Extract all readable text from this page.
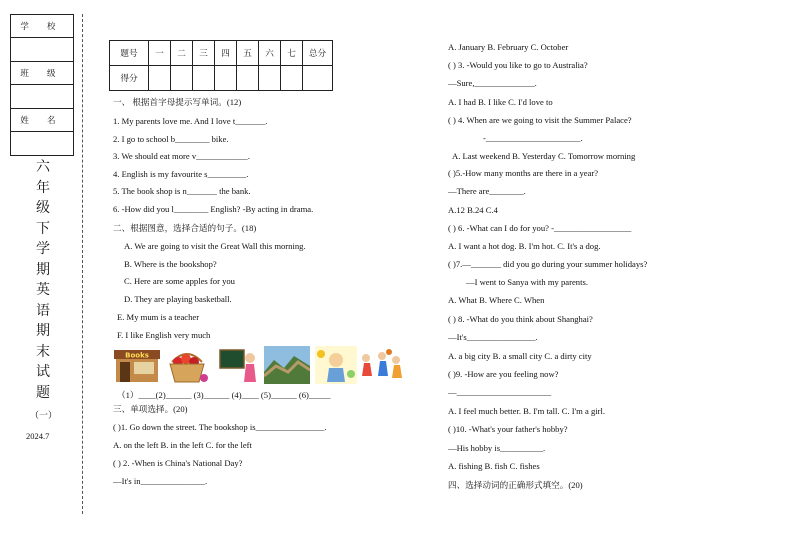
学 校
班 级
姓 名
六
年
级
下
学
期
英
语
期
末
试
题
（一）
2024.7
题号	一	二	三	四	五	六	七	总分
得分								
一、 根据首字母提示写单词。(12)
1. My parents love me. And I love t_______.
2. I go to school b________ bike.
3. We should eat more v____________.
4. English is my favourite s_________.
5. The book shop is n_______ the bank.
6. -How did you l________ English? -By acting in drama.
二、根据图意，选择合适的句子。(18)
A. We are going to visit the Great Wall this morning.
B. Where is the bookshop?
C. Here are some apples for you
D. They are playing basketball.
E. My mum is a teacher
F. I like English very much
Books
（1）____(2)______ (3)______ (4)____ (5)______ (6)_____
三、单项选择。(20)
( )1. Go down the street. The bookshop is________________.
A. on the left B. in the left C. for the left
( ) 2. -When is China's National Day?
—It's in_______________.
A. January B. February C. October
( ) 3. -Would you like to go to Australia?
—Sure,______________.
A. I had B. I like C. I'd love to
( ) 4. When are we going to visit the Summer Palace?
-______________________.
A. Last weekend B. Yesterday C. Tomorrow morning
( )5.-How many months are there in a year?
—There are________.
A.12 B.24 C.4
( ) 6. -What can I do for you? -__________________
A. I want a hot dog. B. I'm hot. C. It's a dog.
( )7.—_______ did you go during your summer holidays?
—I went to Sanya with my parents.
A. What B. Where C. When
( ) 8. -What do you think about Shanghai?
—It's________________.
A. a big city B. a small city C. a dirty city
( )9. -How are you feeling now?
—______________________
A. I feel much better. B. I'm tall. C. I'm a girl.
( )10. -What's your father's hobby?
—His hobby is__________.
A. fishing B. fish C. fishes
四、选择动词的正确形式填空。(20)
